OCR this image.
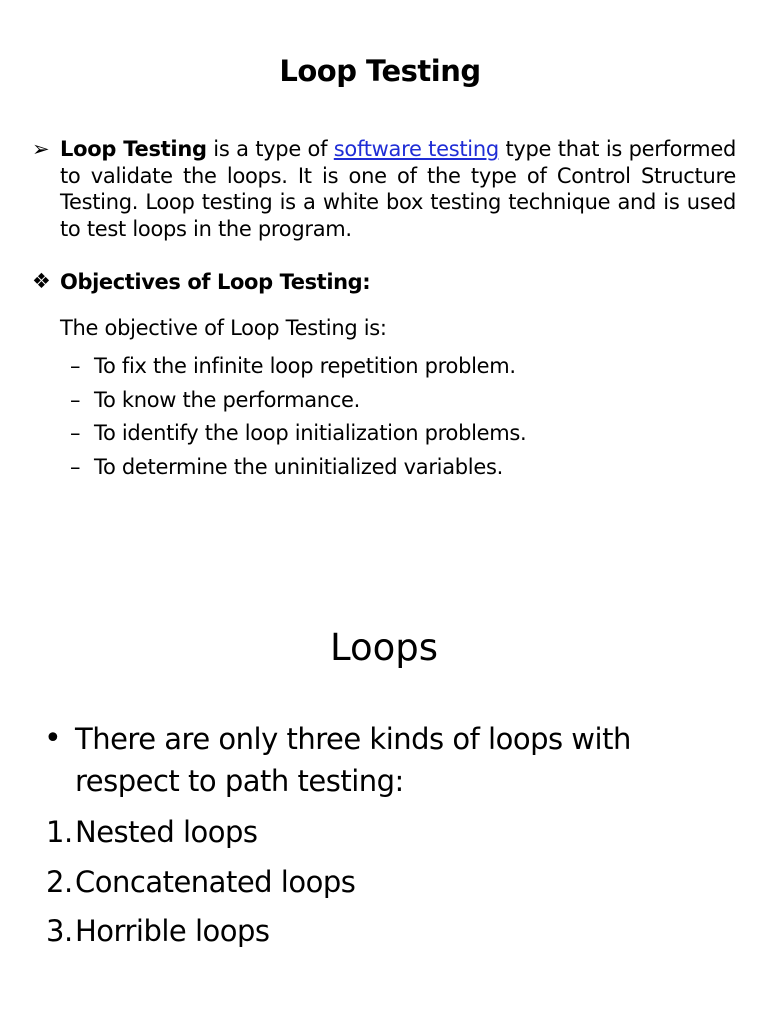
Loop Testing
➢ Loop Testing is a type of software testing type that is performed to validate the loops. It is one of the type of Control Structure Testing. Loop testing is a white box testing technique and is used to test loops in the program.
❖ Objectives of Loop Testing:
The objective of Loop Testing is:
– To fix the infinite loop repetition problem.
– To know the performance.
– To identify the loop initialization problems.
– To determine the uninitialized variables.
Loops
• There are only three kinds of loops with respect to path testing:
1.Nested loops
2.Concatenated loops
3.Horrible loops
